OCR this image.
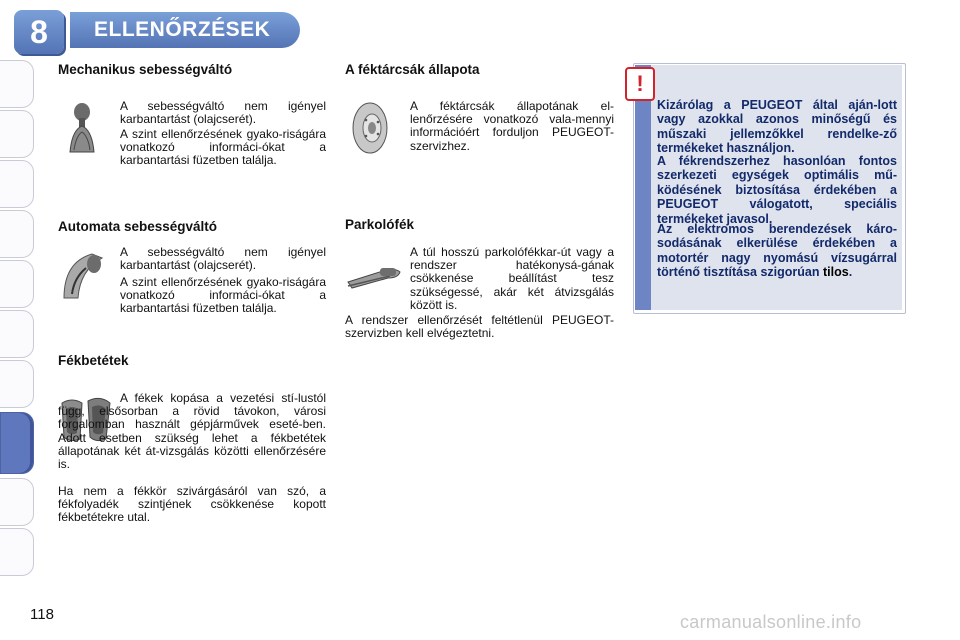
8	ELLENŐRZÉSEK
Mechanikus sebességváltó

A sebességváltó nem igényel karbantartást (olajcserét).

A szint ellenőrzésének gyako-riságára vonatkozó informáci-ókat a karbantartási füzetben találja.

Automata sebességváltó

A sebességváltó nem igényel karbantartást (olajcserét).

A szint ellenőrzésének gyako-riságára vonatkozó informáci-ókat a karbantartási füzetben találja.

Fékbetétek

A fékek kopása a vezetési stí-lustól függ, elsősorban a rövid távokon, városi forgalomban használt gépjárművek eseté-ben. Adott esetben szükség lehet a fékbetétek állapotának két át-vizsgálás közötti ellenőrzésére is.

Ha nem a fékkör szivárgásáról van szó, a fékfolyadék szintjének csökkenése kopott fékbetétekre utal.

A féktárcsák állapota

A féktárcsák állapotának el-lenőrzésére vonatkozó vala-mennyi információért forduljon PEUGEOT-szervizhez.

Parkolófék

A túl hosszú parkolófékkar-út vagy a rendszer hatékonysá-gának csökkenése beállítást tesz szükségessé, akár két átvizsgálás között is.

A rendszer ellenőrzését feltétlenül PEUGEOT-szervizben kell elvégeztetni.

!

Kizárólag a PEUGEOT által aján-lott vagy azokkal azonos minőségű és műszaki jellemzőkkel rendelke-ző termékeket használjon.

A fékrendszerhez hasonlóan fontos szerkezeti egységek optimális mű-ködésének biztosítása érdekében a PEUGEOT válogatott, speciális termékeket javasol.

Az elektromos berendezések káro-sodásának elkerülése érdekében a motortér nagy nyomású vízsugárral történő tisztítása szigorúan tilos.

118	carmanualsonline.info
